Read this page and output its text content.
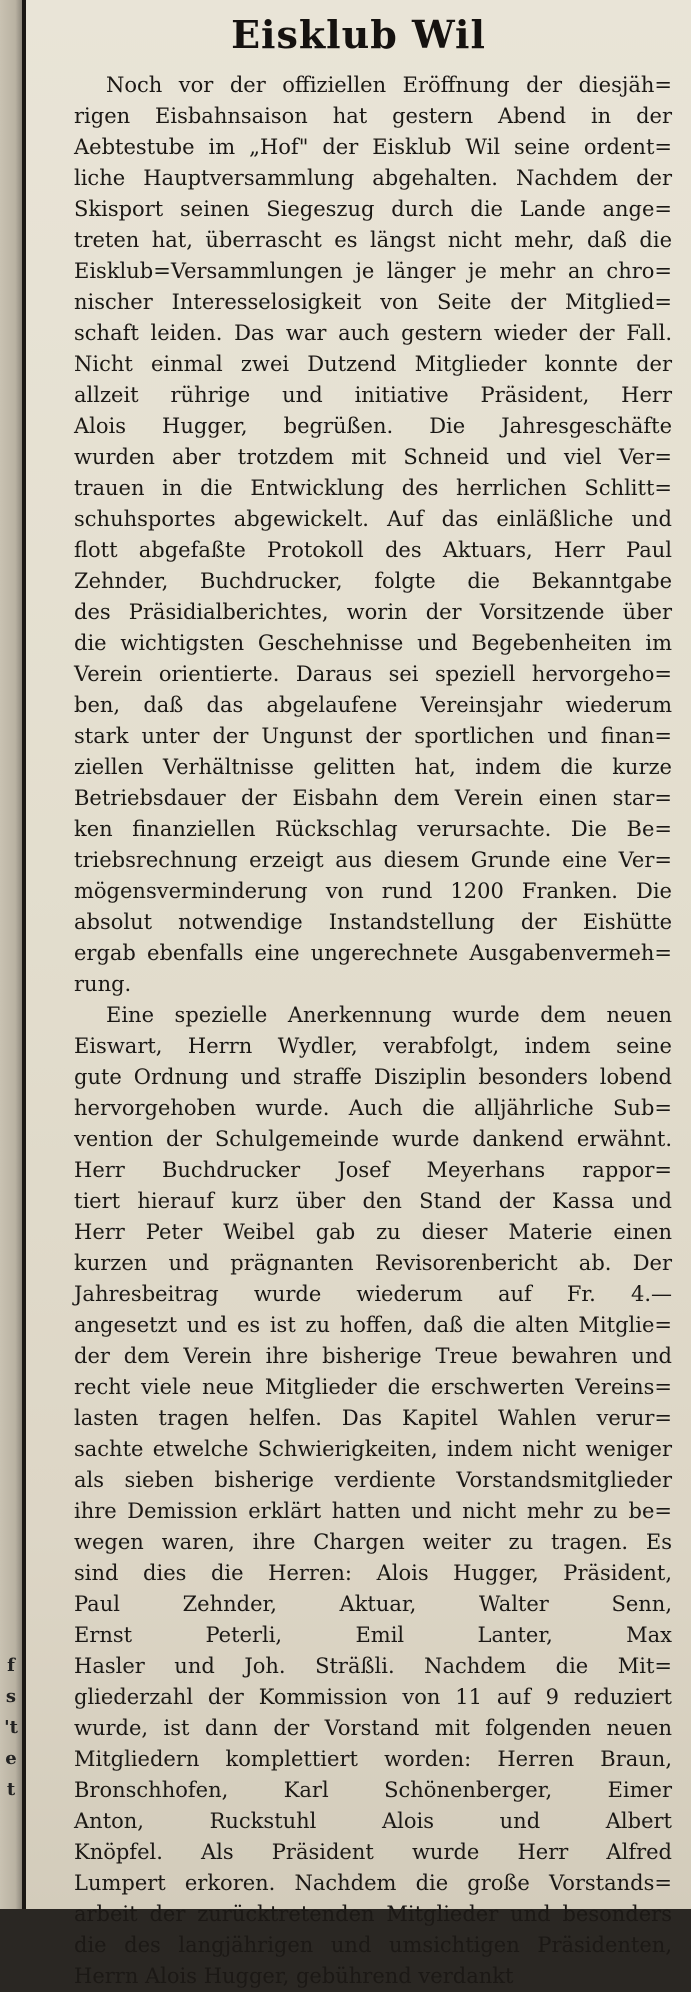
f
s
't
e
t
Eisklub Wil

Noch vor der offiziellen Eröffnung der diesjäh=
rigen Eisbahnsaison hat gestern Abend in der
Aebtestube im „Hof" der Eisklub Wil seine ordent=
liche Hauptversammlung abgehalten. Nachdem der
Skisport seinen Siegeszug durch die Lande ange=
treten hat, überrascht es längst nicht mehr, daß die
Eisklub=Versammlungen je länger je mehr an chro=
nischer Interesselosigkeit von Seite der Mitglied=
schaft leiden. Das war auch gestern wieder der Fall.
Nicht einmal zwei Dutzend Mitglieder konnte der
allzeit rührige und initiative Präsident, Herr
Alois Hugger, begrüßen. Die Jahresgeschäfte
wurden aber trotzdem mit Schneid und viel Ver=
trauen in die Entwicklung des herrlichen Schlitt=
schuhsportes abgewickelt. Auf das einläßliche und
flott abgefaßte Protokoll des Aktuars, Herr Paul
Zehnder, Buchdrucker, folgte die Bekanntgabe
des Präsidialberichtes, worin der Vorsitzende über
die wichtigsten Geschehnisse und Begebenheiten im
Verein orientierte. Daraus sei speziell hervorgeho=
ben, daß das abgelaufene Vereinsjahr wiederum
stark unter der Ungunst der sportlichen und finan=
ziellen Verhältnisse gelitten hat, indem die kurze
Betriebsdauer der Eisbahn dem Verein einen star=
ken finanziellen Rückschlag verursachte. Die Be=
triebsrechnung erzeigt aus diesem Grunde eine Ver=
mögensverminderung von rund 1200 Franken. Die
absolut notwendige Instandstellung der Eishütte
ergab ebenfalls eine ungerechnete Ausgabenvermeh=
rung.

Eine spezielle Anerkennung wurde dem neuen
Eiswart, Herrn Wydler, verabfolgt, indem seine
gute Ordnung und straffe Disziplin besonders lobend
hervorgehoben wurde. Auch die alljährliche Sub=
vention der Schulgemeinde wurde dankend erwähnt.
Herr Buchdrucker Josef Meyerhans rappor=
tiert hierauf kurz über den Stand der Kassa und
Herr Peter Weibel gab zu dieser Materie einen
kurzen und prägnanten Revisorenbericht ab. Der
Jahresbeitrag wurde wiederum auf Fr. 4.—
angesetzt und es ist zu hoffen, daß die alten Mitglie=
der dem Verein ihre bisherige Treue bewahren und
recht viele neue Mitglieder die erschwerten Vereins=
lasten tragen helfen. Das Kapitel Wahlen verur=
sachte etwelche Schwierigkeiten, indem nicht weniger
als sieben bisherige verdiente Vorstandsmitglieder
ihre Demission erklärt hatten und nicht mehr zu be=
wegen waren, ihre Chargen weiter zu tragen. Es
sind dies die Herren: Alois Hugger, Präsident,
Paul Zehnder, Aktuar, Walter Senn,
Ernst Peterli, Emil Lanter, Max
Hasler und Joh. Sträßli. Nachdem die Mit=
gliederzahl der Kommission von 11 auf 9 reduziert
wurde, ist dann der Vorstand mit folgenden neuen
Mitgliedern komplettiert worden: Herren Braun,
Bronschhofen, Karl Schönenberger, Eimer
Anton, Ruckstuhl Alois und Albert
Knöpfel. Als Präsident wurde Herr Alfred
Lumpert erkoren. Nachdem die große Vorstands=
arbeit der zurücktretenden Mitglieder und besonders
die des langjährigen und umsichtigen Präsidenten,
Herrn Alois Hugger, gebührend verdankt
